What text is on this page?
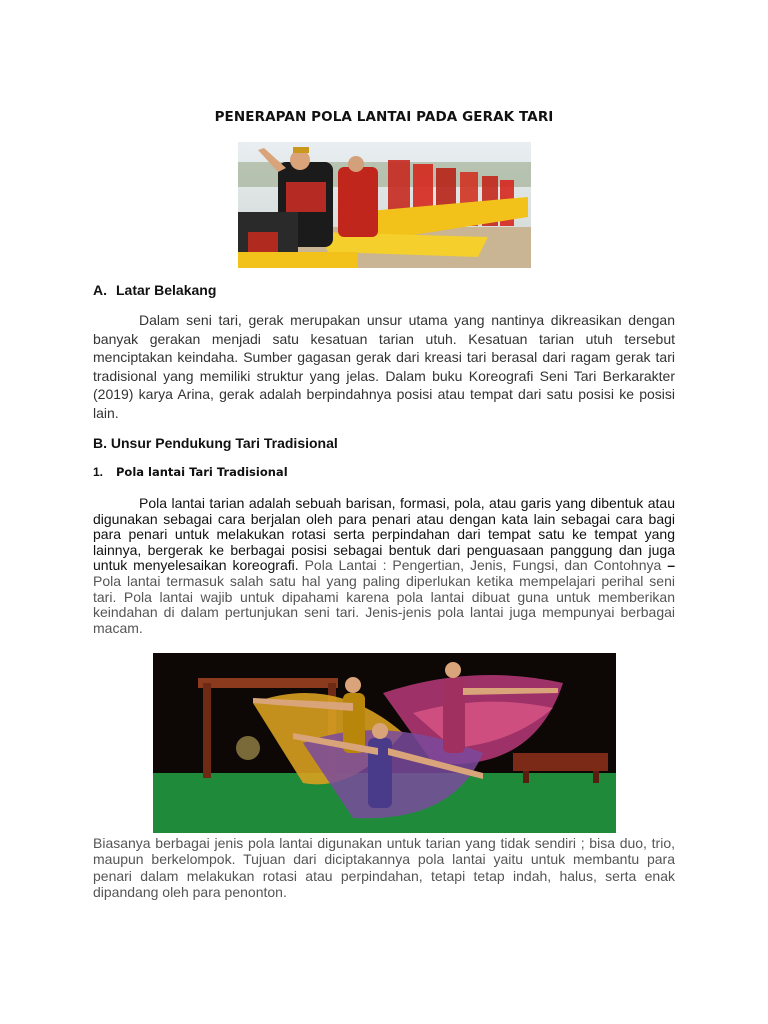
PENERAPAN POLA LANTAI PADA GERAK TARI
A. Latar Belakang

Dalam seni tari, gerak merupakan unsur utama yang nantinya dikreasikan dengan banyak gerakan menjadi satu kesatuan tarian utuh. Kesatuan tarian utuh tersebut menciptakan keindaha. Sumber gagasan gerak dari kreasi tari berasal dari ragam gerak tari tradisional yang memiliki struktur yang jelas. Dalam buku Koreografi Seni Tari Berkarakter (2019) karya Arina, gerak adalah berpindahnya posisi atau tempat dari satu posisi ke posisi lain.

B. Unsur Pendukung Tari Tradisional
1. Pola lantai Tari Tradisional

Pola lantai tarian adalah sebuah barisan, formasi, pola, atau garis yang dibentuk atau digunakan sebagai cara berjalan oleh para penari atau dengan kata lain sebagai cara bagi para penari untuk melakukan rotasi serta perpindahan dari tempat satu ke tempat yang lainnya, bergerak ke berbagai posisi sebagai bentuk dari penguasaan panggung dan juga untuk menyelesaikan koreografi. Pola Lantai : Pengertian, Jenis, Fungsi, dan Contohnya – Pola lantai termasuk salah satu hal yang paling diperlukan ketika mempelajari perihal seni tari. Pola lantai wajib untuk dipahami karena pola lantai dibuat guna untuk memberikan keindahan di dalam pertunjukan seni tari. Jenis-jenis pola lantai juga mempunyai berbagai macam.

Biasanya berbagai jenis pola lantai digunakan untuk tarian yang tidak sendiri ; bisa duo, trio, maupun berkelompok. Tujuan dari diciptakannya pola lantai yaitu untuk membantu para penari dalam melakukan rotasi atau perpindahan, tetapi tetap indah, halus, serta enak dipandang oleh para penonton.
